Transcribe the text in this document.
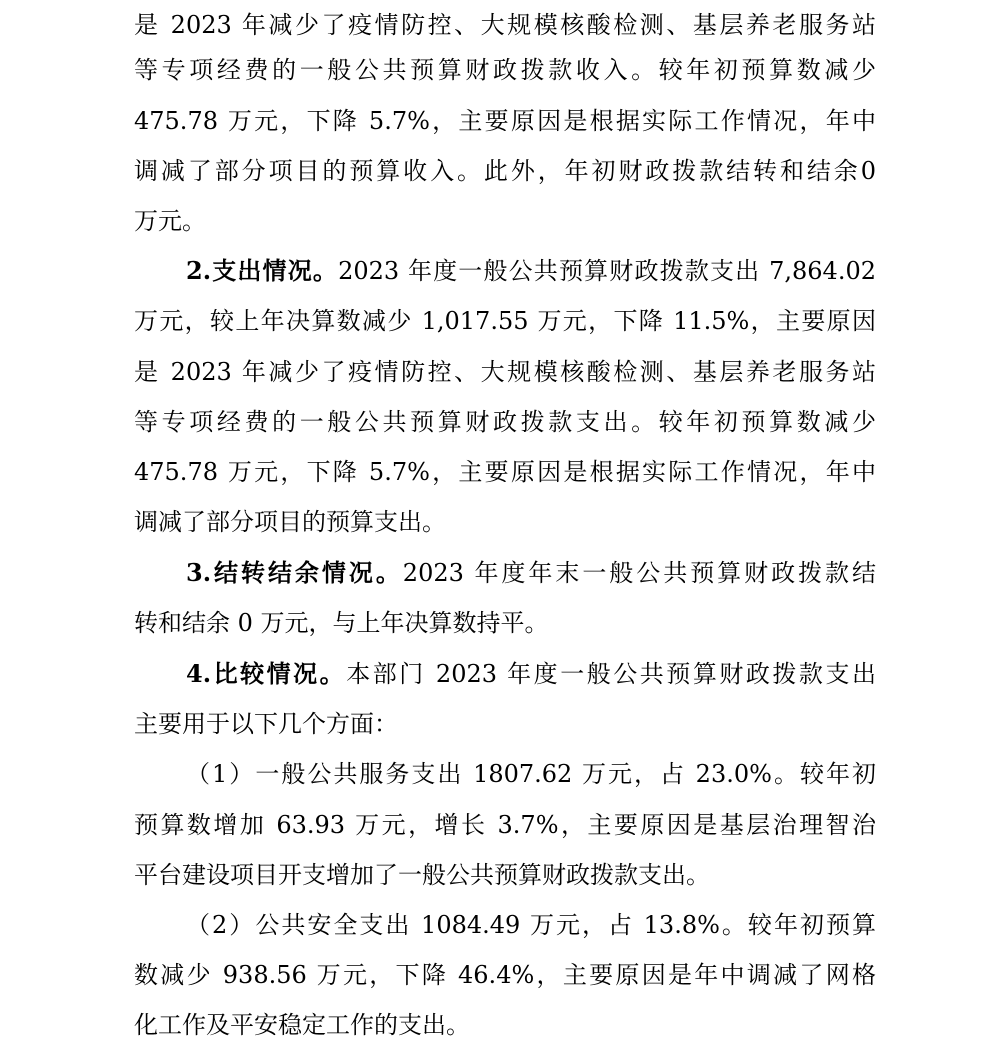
是 2023 年减少了疫情防控、大规模核酸检测、基层养老服务站
等专项经费的一般公共预算财政拨款收入。较年初预算数减少
475.78 万元，下降 5.7%，主要原因是根据实际工作情况，年中
调减了部分项目的预算收入。此外，年初财政拨款结转和结余0
万元。
2.支出情况。2023 年度一般公共预算财政拨款支出 7,864.02
万元，较上年决算数减少 1,017.55 万元，下降 11.5%，主要原因
是 2023 年减少了疫情防控、大规模核酸检测、基层养老服务站
等专项经费的一般公共预算财政拨款支出。较年初预算数减少
475.78 万元，下降 5.7%，主要原因是根据实际工作情况，年中
调减了部分项目的预算支出。
3.结转结余情况。2023 年度年末一般公共预算财政拨款结
转和结余 0 万元，与上年决算数持平。
4.比较情况。本部门 2023 年度一般公共预算财政拨款支出
主要用于以下几个方面：
（1）一般公共服务支出 1807.62 万元，占 23.0%。较年初
预算数增加 63.93 万元，增长 3.7%，主要原因是基层治理智治
平台建设项目开支增加了一般公共预算财政拨款支出。
（2）公共安全支出 1084.49 万元，占 13.8%。较年初预算
数减少 938.56 万元，下降 46.4%，主要原因是年中调减了网格
化工作及平安稳定工作的支出。
